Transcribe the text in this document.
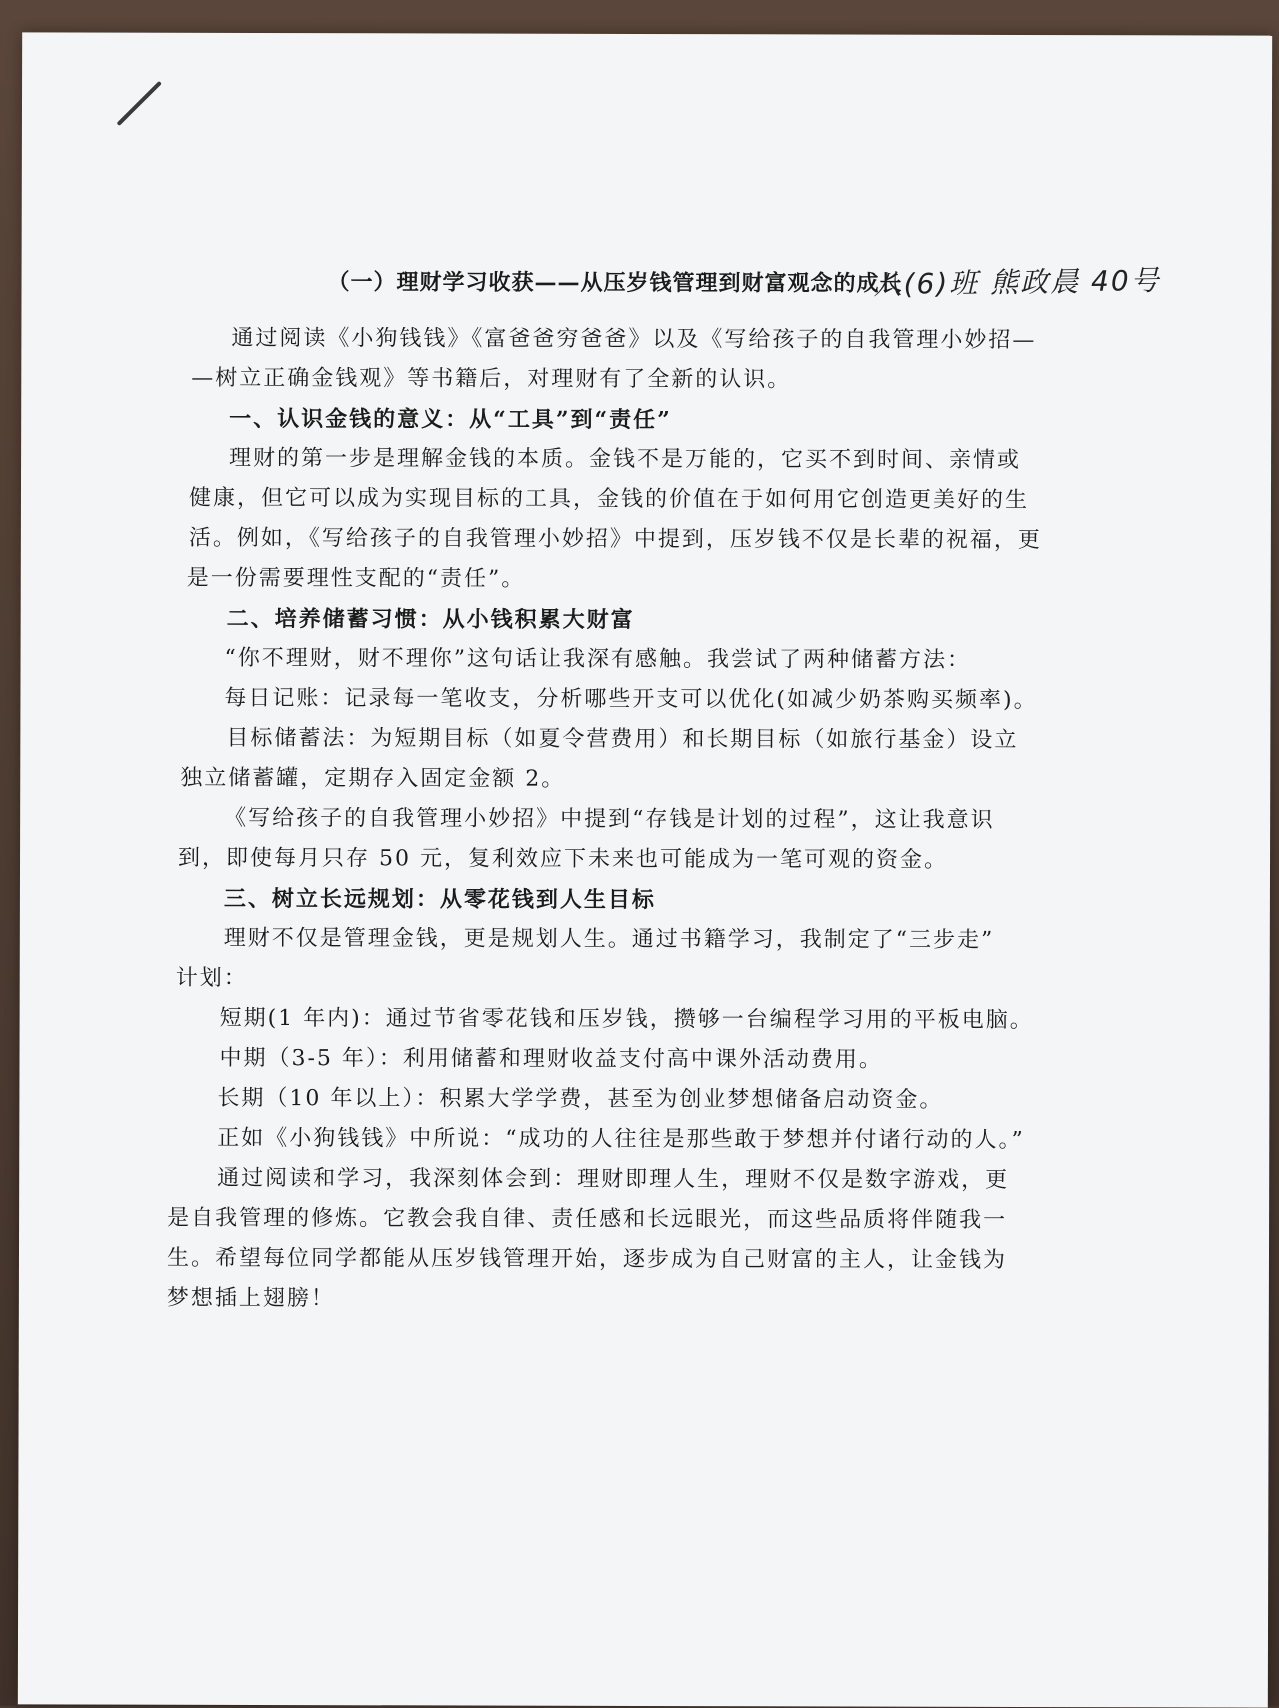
（一）理财学习收获——从压岁钱管理到财富观念的成长
八(6)班 熊政晨 40号
通过阅读《小狗钱钱》《富爸爸穷爸爸》以及《写给孩子的自我管理小妙招—
—树立正确金钱观》等书籍后，对理财有了全新的认识。
一、认识金钱的意义：从“工具”到“责任”
理财的第一步是理解金钱的本质。金钱不是万能的，它买不到时间、亲情或
健康，但它可以成为实现目标的工具，金钱的价值在于如何用它创造更美好的生
活。例如，《写给孩子的自我管理小妙招》中提到，压岁钱不仅是长辈的祝福，更
是一份需要理性支配的“责任”。
二、培养储蓄习惯：从小钱积累大财富
“你不理财，财不理你”这句话让我深有感触。我尝试了两种储蓄方法：
每日记账：记录每一笔收支，分析哪些开支可以优化(如减少奶茶购买频率)。
目标储蓄法：为短期目标（如夏令营费用）和长期目标（如旅行基金）设立
独立储蓄罐，定期存入固定金额 2。
《写给孩子的自我管理小妙招》中提到“存钱是计划的过程”，这让我意识
到，即使每月只存 50 元，复利效应下未来也可能成为一笔可观的资金。
三、树立长远规划：从零花钱到人生目标
理财不仅是管理金钱，更是规划人生。通过书籍学习，我制定了“三步走”
计划：
短期(1 年内)：通过节省零花钱和压岁钱，攒够一台编程学习用的平板电脑。
中期（3-5 年）：利用储蓄和理财收益支付高中课外活动费用。
长期（10 年以上）：积累大学学费，甚至为创业梦想储备启动资金。
正如《小狗钱钱》中所说：“成功的人往往是那些敢于梦想并付诸行动的人。”
通过阅读和学习，我深刻体会到：理财即理人生，理财不仅是数字游戏，更
是自我管理的修炼。它教会我自律、责任感和长远眼光，而这些品质将伴随我一
生。希望每位同学都能从压岁钱管理开始，逐步成为自己财富的主人，让金钱为
梦想插上翅膀！
